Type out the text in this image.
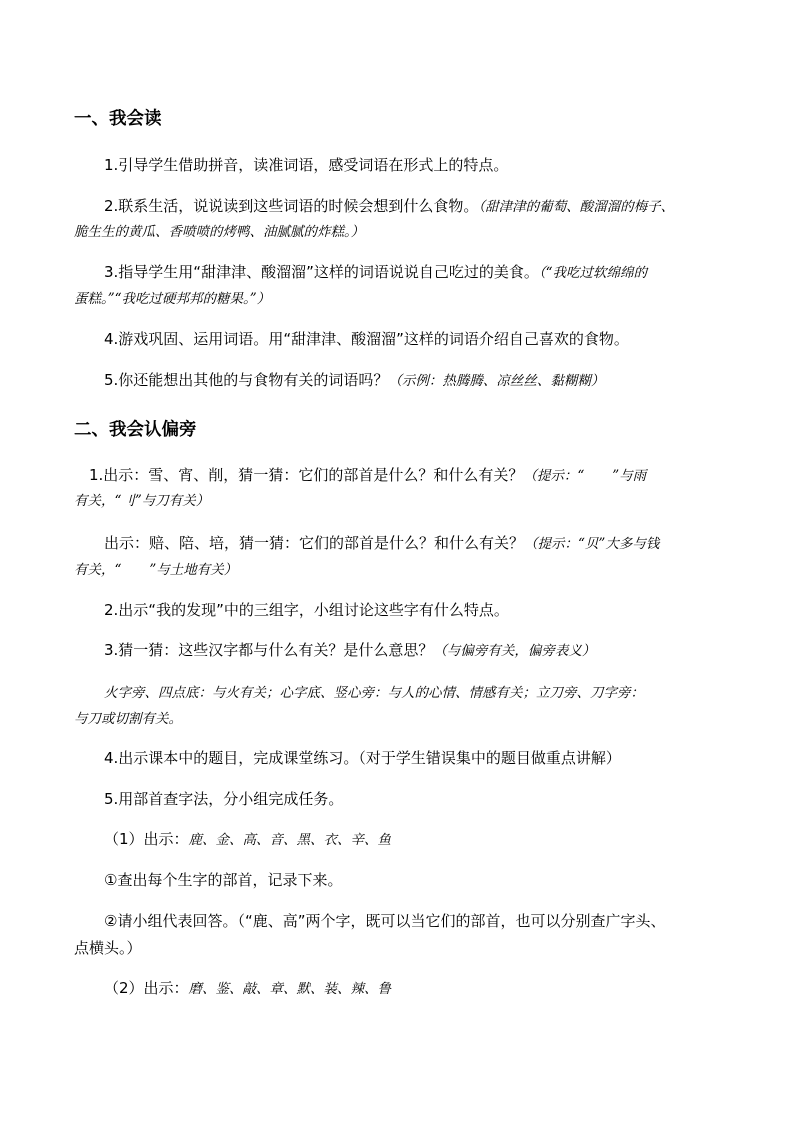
一、我会读
1.引导学生借助拼音，读准词语，感受词语在形式上的特点。
2.联系生活，说说读到这些词语的时候会想到什么食物。（甜津津的葡萄、酸溜溜的梅子、
脆生生的黄瓜、香喷喷的烤鸭、油腻腻的炸糕。）
3.指导学生用“甜津津、酸溜溜”这样的词语说说自己吃过的美食。（“我吃过软绵绵的
蛋糕。”“我吃过硬邦邦的糖果。”）
4.游戏巩固、运用词语。用“甜津津、酸溜溜”这样的词语介绍自己喜欢的食物。
5.你还能想出其他的与食物有关的词语吗？（示例：热腾腾、凉丝丝、黏糊糊）
二、我会认偏旁
1.出示：雪、宵、削，猜一猜：它们的部首是什么？和什么有关？（提示：“ ”与雨
有关，“刂”与刀有关）
出示：赔、陪、培，猜一猜：它们的部首是什么？和什么有关？（提示：“贝”大多与钱
有关，“ ”与土地有关）
2.出示“我的发现”中的三组字，小组讨论这些字有什么特点。
3.猜一猜：这些汉字都与什么有关？是什么意思？（与偏旁有关，偏旁表义）
火字旁、四点底：与火有关；心字底、竖心旁：与人的心情、情感有关；立刀旁、刀字旁：
与刀或切割有关。
4.出示课本中的题目，完成课堂练习。（对于学生错误集中的题目做重点讲解）
5.用部首查字法，分小组完成任务。
（1）出示：鹿、金、高、音、黑、衣、辛、鱼
①查出每个生字的部首，记录下来。
②请小组代表回答。（“鹿、高”两个字，既可以当它们的部首，也可以分别查广字头、
点横头。）
（2）出示：磨、鉴、敲、章、默、装、辣、鲁
